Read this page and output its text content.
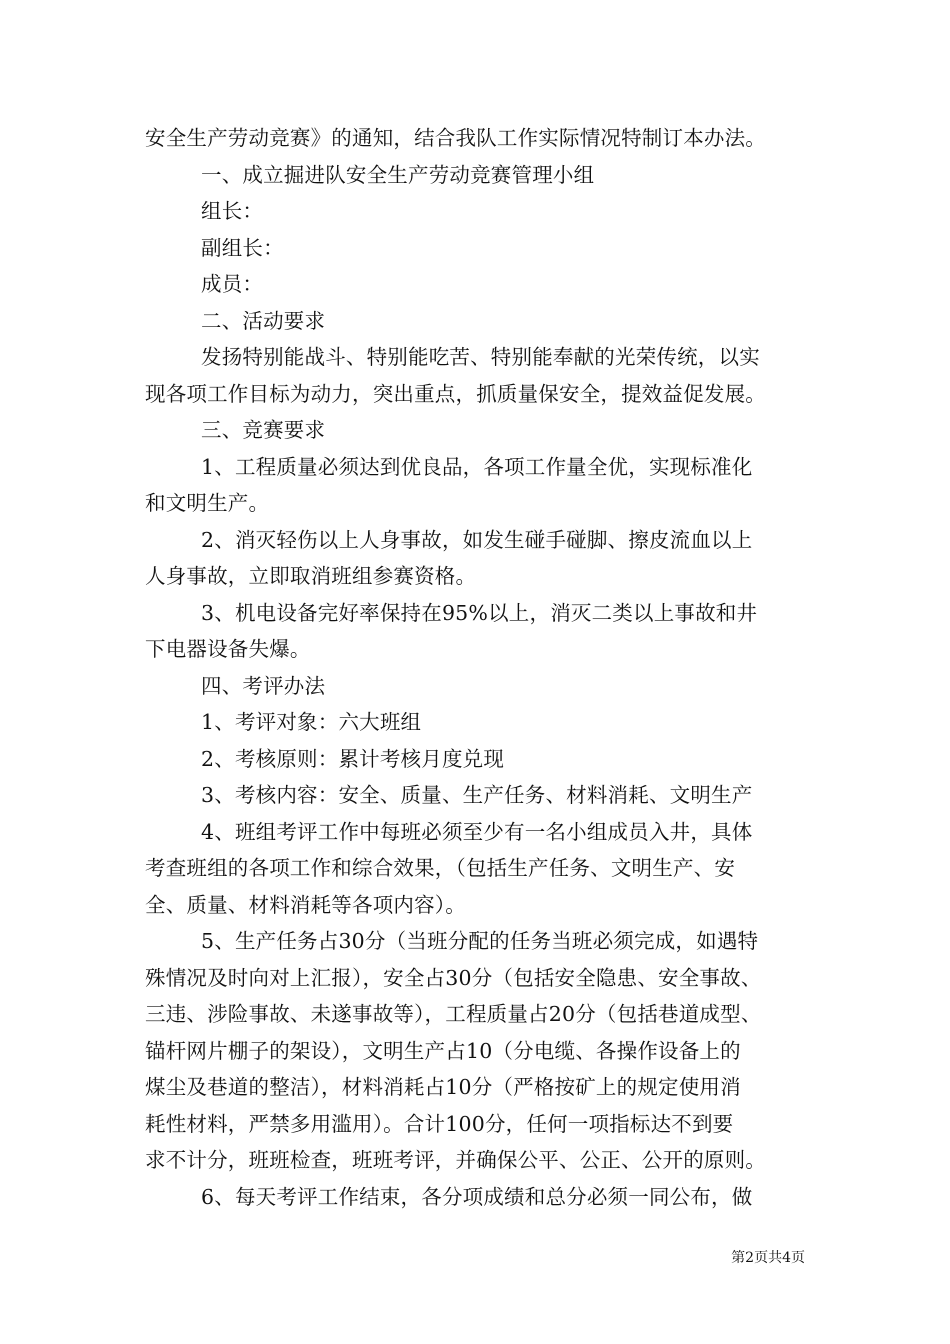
安全生产劳动竞赛》的通知，结合我队工作实际情况特制订本办法。
一、成立掘进队安全生产劳动竞赛管理小组
组长：
副组长：
成员：
二、活动要求
发扬特别能战斗、特别能吃苦、特别能奉献的光荣传统，以实
现各项工作目标为动力，突出重点，抓质量保安全，提效益促发展。
三、竞赛要求
1、工程质量必须达到优良品，各项工作量全优，实现标准化
和文明生产。
2、消灭轻伤以上人身事故，如发生碰手碰脚、擦皮流血以上
人身事故，立即取消班组参赛资格。
3、机电设备完好率保持在95%以上，消灭二类以上事故和井
下电器设备失爆。
四、考评办法
1、考评对象：六大班组
2、考核原则：累计考核月度兑现
3、考核内容：安全、质量、生产任务、材料消耗、文明生产
4、班组考评工作中每班必须至少有一名小组成员入井，具体
考查班组的各项工作和综合效果，（包括生产任务、文明生产、安
全、质量、材料消耗等各项内容）。
5、生产任务占30分（当班分配的任务当班必须完成，如遇特
殊情况及时向对上汇报），安全占30分（包括安全隐患、安全事故、
三违、涉险事故、未遂事故等），工程质量占20分（包括巷道成型、
锚杆网片棚子的架设），文明生产占10（分电缆、各操作设备上的
煤尘及巷道的整洁），材料消耗占10分（严格按矿上的规定使用消
耗性材料，严禁多用滥用）。合计100分，任何一项指标达不到要
求不计分，班班检查，班班考评，并确保公平、公正、公开的原则。
6、每天考评工作结束，各分项成绩和总分必须一同公布，做
第2页共4页
